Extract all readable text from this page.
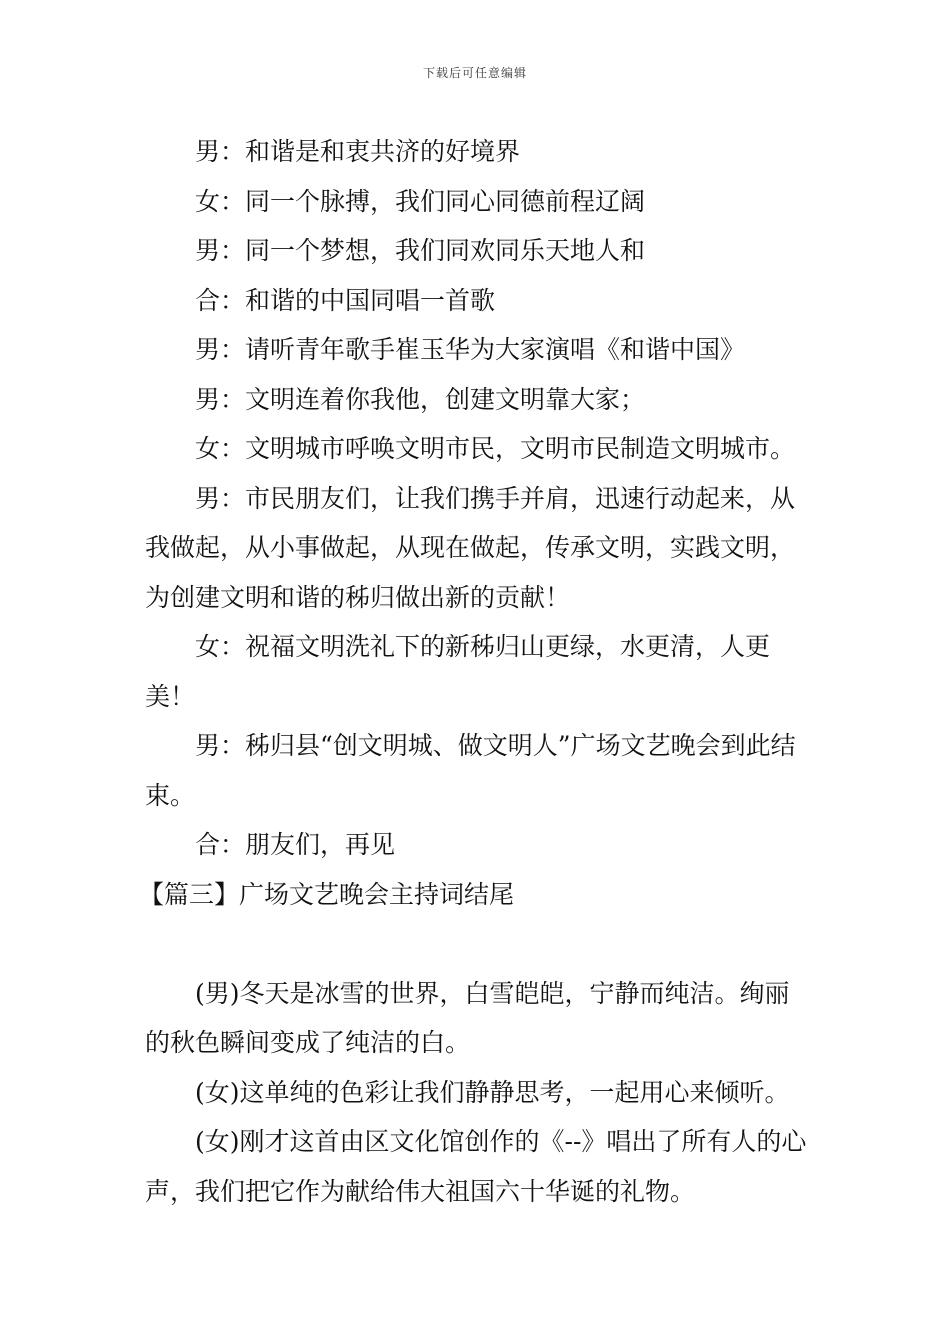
下载后可任意编辑

男：和谐是和衷共济的好境界

女：同一个脉搏，我们同心同德前程辽阔

男：同一个梦想，我们同欢同乐天地人和

合：和谐的中国同唱一首歌

男：请听青年歌手崔玉华为大家演唱《和谐中国》

男：文明连着你我他，创建文明靠大家；

女：文明城市呼唤文明市民，文明市民制造文明城市。

男：市民朋友们，让我们携手并肩，迅速行动起来，从我做起，从小事做起，从现在做起，传承文明，实践文明，为创建文明和谐的秭归做出新的贡献！

女：祝福文明洗礼下的新秭归山更绿，水更清，人更美！

男：秭归县“创文明城、做文明人”广场文艺晚会到此结束。

合：朋友们，再见

【篇三】广场文艺晚会主持词结尾

(男)冬天是冰雪的世界，白雪皑皑，宁静而纯洁。绚丽的秋色瞬间变成了纯洁的白。

(女)这单纯的色彩让我们静静思考，一起用心来倾听。

(女)刚才这首由区文化馆创作的《--》唱出了所有人的心声，我们把它作为献给伟大祖国六十华诞的礼物。
